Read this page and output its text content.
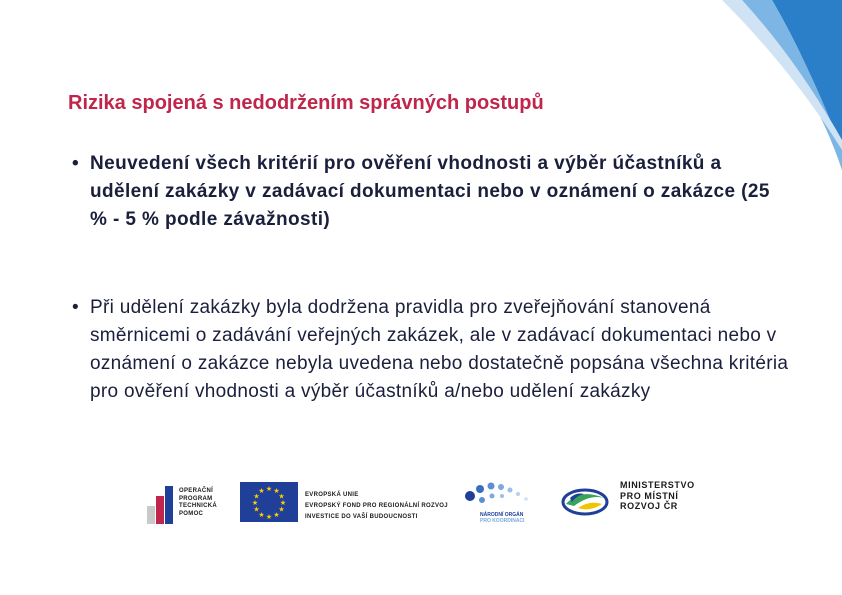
Rizika spojená s nedodržením správných postupů
• Neuvedení všech kritérií pro ověření vhodnosti a výběr účastníků a udělení zakázky v zadávací dokumentaci nebo v oznámení o zakázce (25 % - 5 % podle závažnosti)
• Při udělení zakázky byla dodržena pravidla pro zveřejňování stanovená směrnicemi o zadávání veřejných zakázek, ale v zadávací dokumentaci nebo v oznámení o zakázce nebyla uvedena nebo dostatečně popsána všechna kritéria pro ověření vhodnosti a výběr účastníků a/nebo udělení zakázky
OPERAČNÍ
PROGRAM
TECHNICKÁ
POMOC
★ ★
★
★
★
★
★
★
★
★
★
★	EVROPSKÁ UNIE
EVROPSKÝ FOND PRO REGIONÁLNÍ ROZVOJ
INVESTICE DO VAŠÍ BUDOUCNOSTI	NÁRODNÍ ORGÁN
PRO KOORDINACI
MINISTERSTVO
PRO MÍSTNÍ
ROZVOJ ČR
